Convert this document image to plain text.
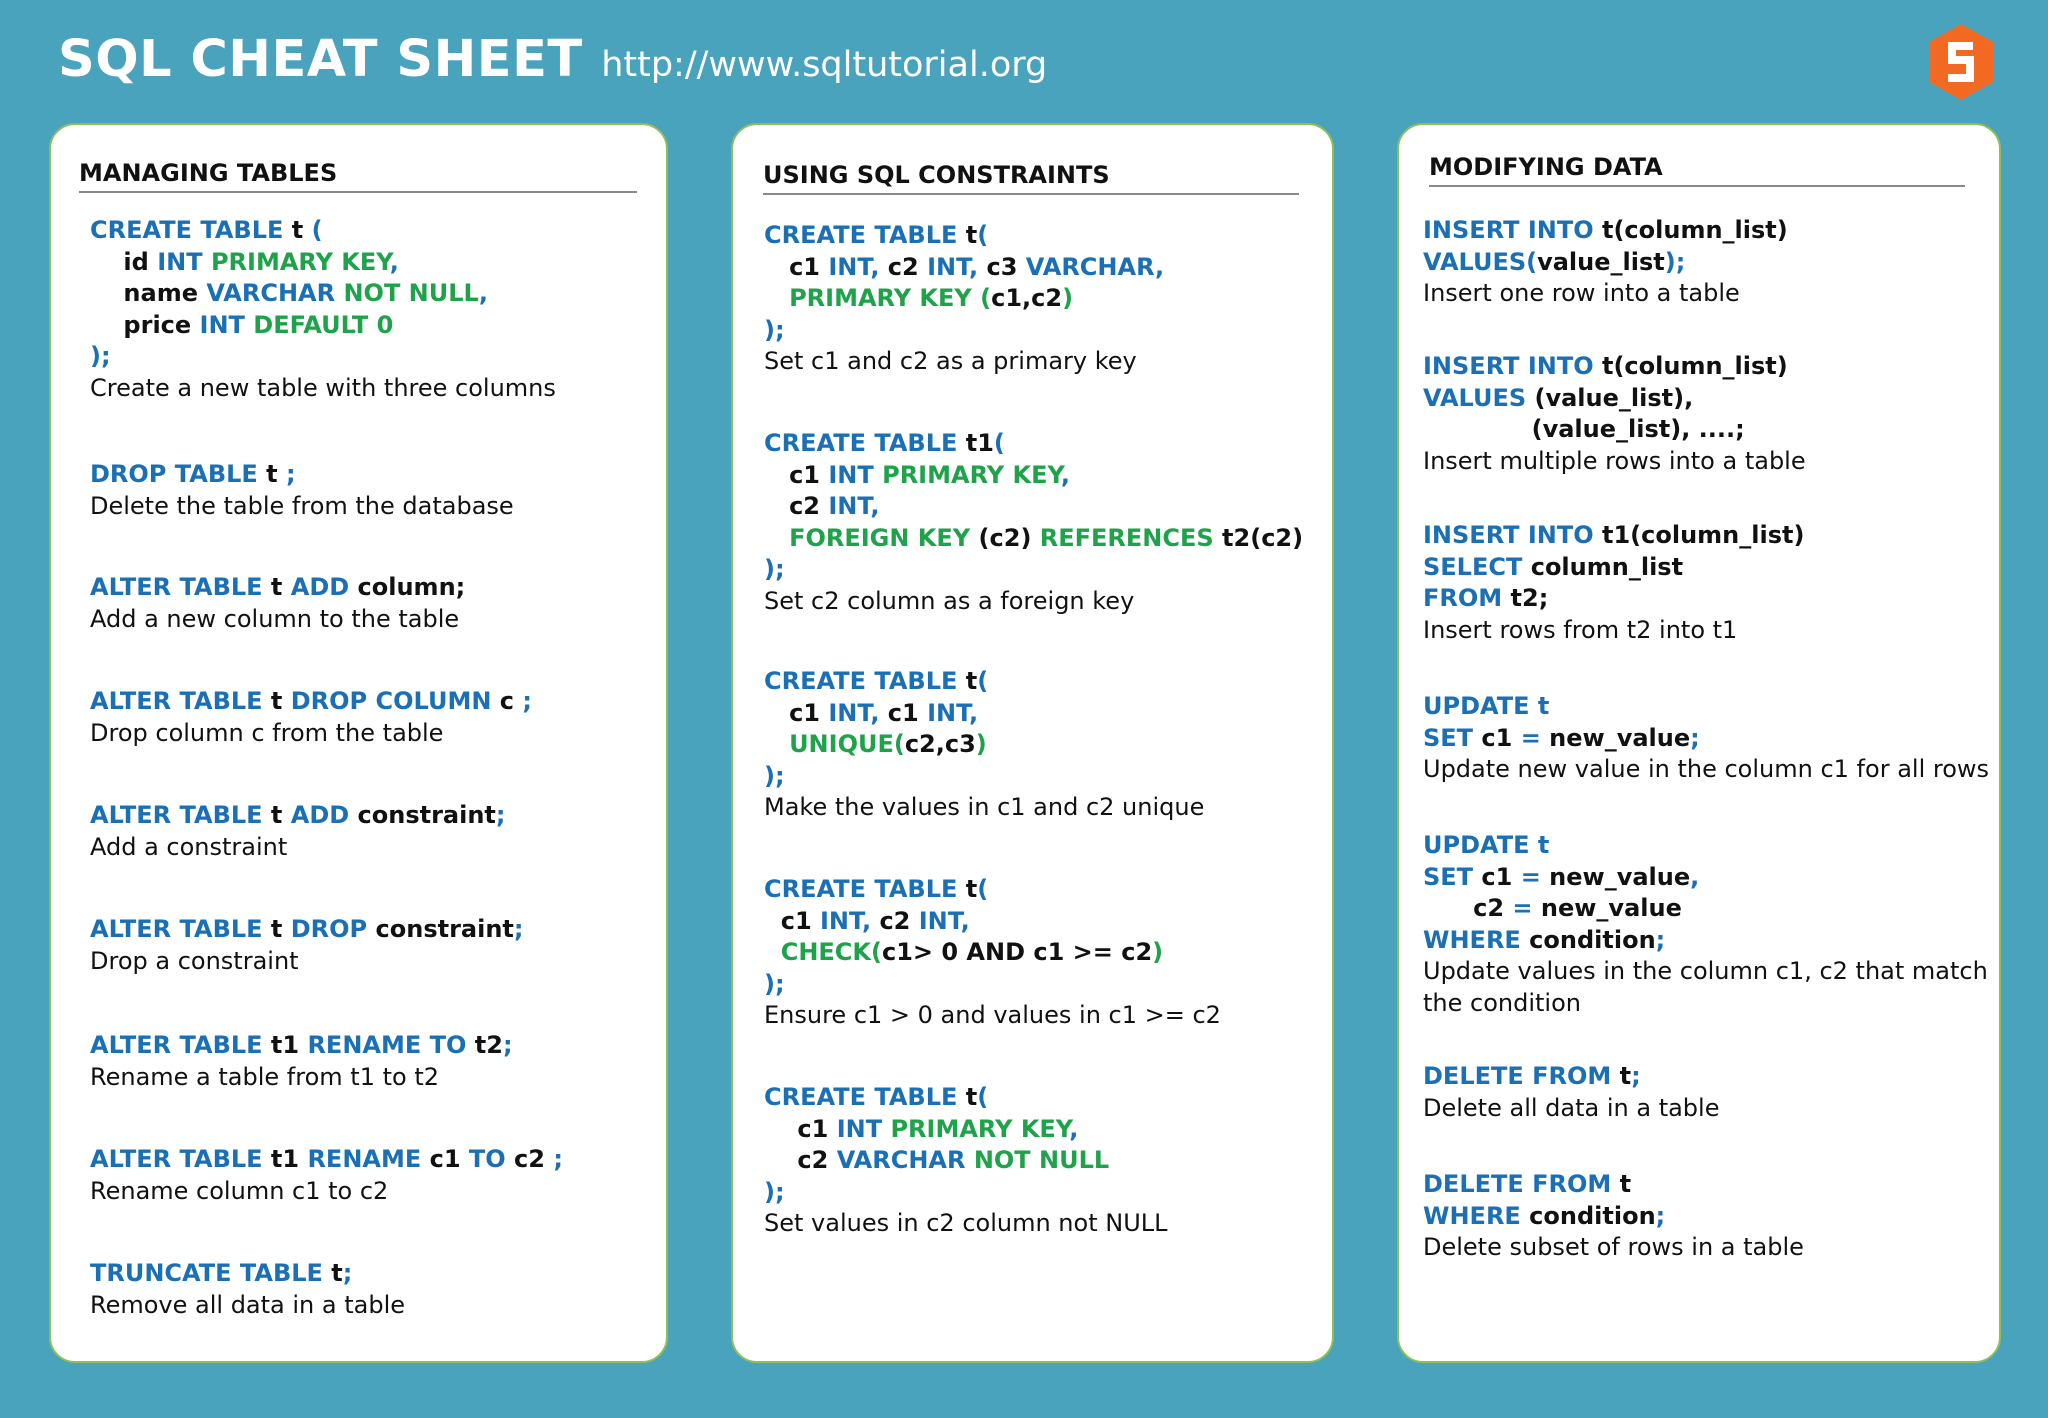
SQL CHEAT SHEET http://www.sqltutorial.org
MANAGING TABLES
CREATE TABLE t (
id INT PRIMARY KEY,
name VARCHAR NOT NULL,
price INT DEFAULT 0
);
Create a new table with three columns
DROP TABLE t ;
Delete the table from the database
ALTER TABLE t ADD column;
Add a new column to the table
ALTER TABLE t DROP COLUMN c ;
Drop column c from the table
ALTER TABLE t ADD constraint;
Add a constraint
ALTER TABLE t DROP constraint;
Drop a constraint
ALTER TABLE t1 RENAME TO t2;
Rename a table from t1 to t2
ALTER TABLE t1 RENAME c1 TO c2 ;
Rename column c1 to c2
TRUNCATE TABLE t;
Remove all data in a table
USING SQL CONSTRAINTS
CREATE TABLE t(
c1 INT, c2 INT, c3 VARCHAR,
PRIMARY KEY (c1,c2)
);
Set c1 and c2 as a primary key
CREATE TABLE t1(
c1 INT PRIMARY KEY,
c2 INT,
FOREIGN KEY (c2) REFERENCES t2(c2)
);
Set c2 column as a foreign key
CREATE TABLE t(
c1 INT, c1 INT,
UNIQUE(c2,c3)
);
Make the values in c1 and c2 unique
CREATE TABLE t(
c1 INT, c2 INT,
CHECK(c1> 0 AND c1 >= c2)
);
Ensure c1 > 0 and values in c1 >= c2
CREATE TABLE t(
c1 INT PRIMARY KEY,
c2 VARCHAR NOT NULL
);
Set values in c2 column not NULL
MODIFYING DATA
INSERT INTO t(column_list)
VALUES(value_list);
Insert one row into a table
INSERT INTO t(column_list)
VALUES (value_list),
(value_list), ....;
Insert multiple rows into a table
INSERT INTO t1(column_list)
SELECT column_list
FROM t2;
Insert rows from t2 into t1
UPDATE t
SET c1 = new_value;
Update new value in the column c1 for all rows
UPDATE t
SET c1 = new_value,
c2 = new_value
WHERE condition;
Update values in the column c1, c2 that match
the condition
DELETE FROM t;
Delete all data in a table
DELETE FROM t
WHERE condition;
Delete subset of rows in a table
